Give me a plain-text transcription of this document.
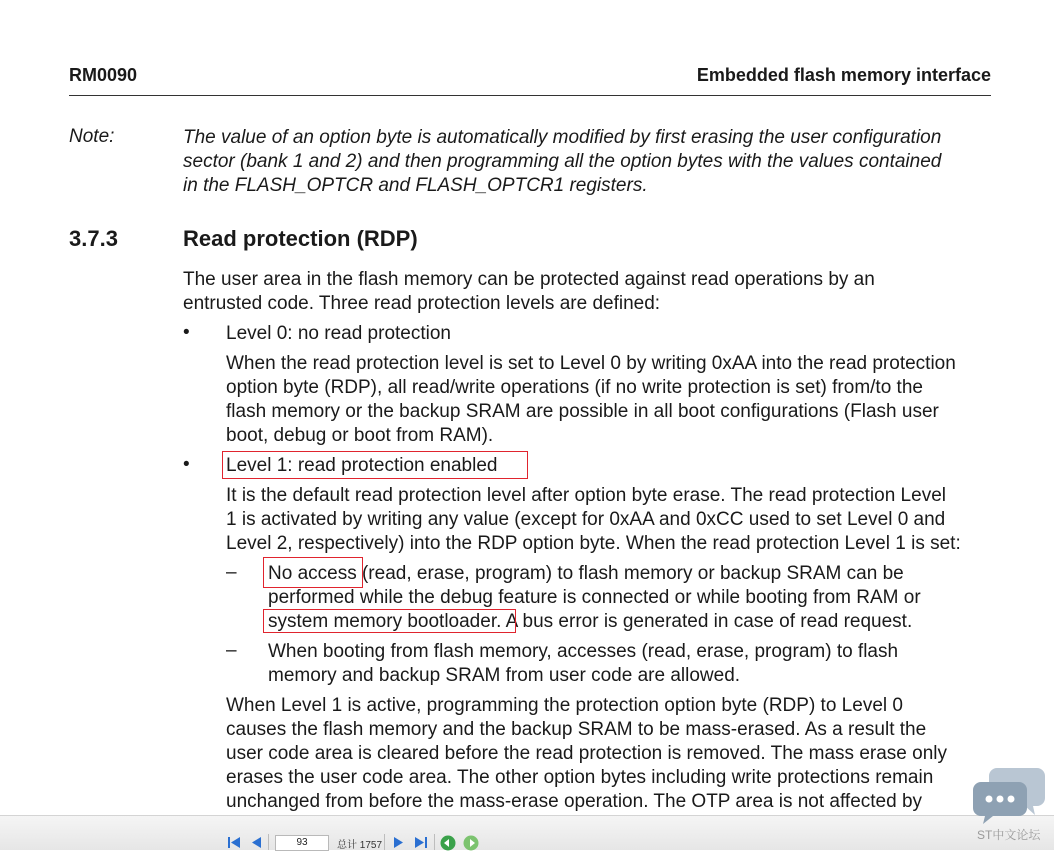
RM0090	Embedded flash memory interface
Note:	The value of an option byte is automatically modified by first erasing the user configuration
sector (bank 1 and 2) and then programming all the option bytes with the values contained
in the FLASH_OPTCR and FLASH_OPTCR1 registers.
3.7.3	Read protection (RDP)
The user area in the flash memory can be protected against read operations by an
entrusted code. Three read protection levels are defined:
• Level 0: no read protection
When the read protection level is set to Level 0 by writing 0xAA into the read protection
option byte (RDP), all read/write operations (if no write protection is set) from/to the
flash memory or the backup SRAM are possible in all boot configurations (Flash user
boot, debug or boot from RAM).
• Level 1: read protection enabled
It is the default read protection level after option byte erase. The read protection Level
1 is activated by writing any value (except for 0xAA and 0xCC used to set Level 0 and
Level 2, respectively) into the RDP option byte. When the read protection Level 1 is set:
– No access (read, erase, program) to flash memory or backup SRAM can be
performed while the debug feature is connected or while booting from RAM or
system memory bootloader. A bus error is generated in case of read request.
– When booting from flash memory, accesses (read, erase, program) to flash
memory and backup SRAM from user code are allowed.
When Level 1 is active, programming the protection option byte (RDP) to Level 0
causes the flash memory and the backup SRAM to be mass-erased. As a result the
user code area is cleared before the read protection is removed. The mass erase only
erases the user code area. The other option bytes including write protections remain
unchanged from before the mass-erase operation. The OTP area is not affected by
93	总计 1757
ST中文论坛
